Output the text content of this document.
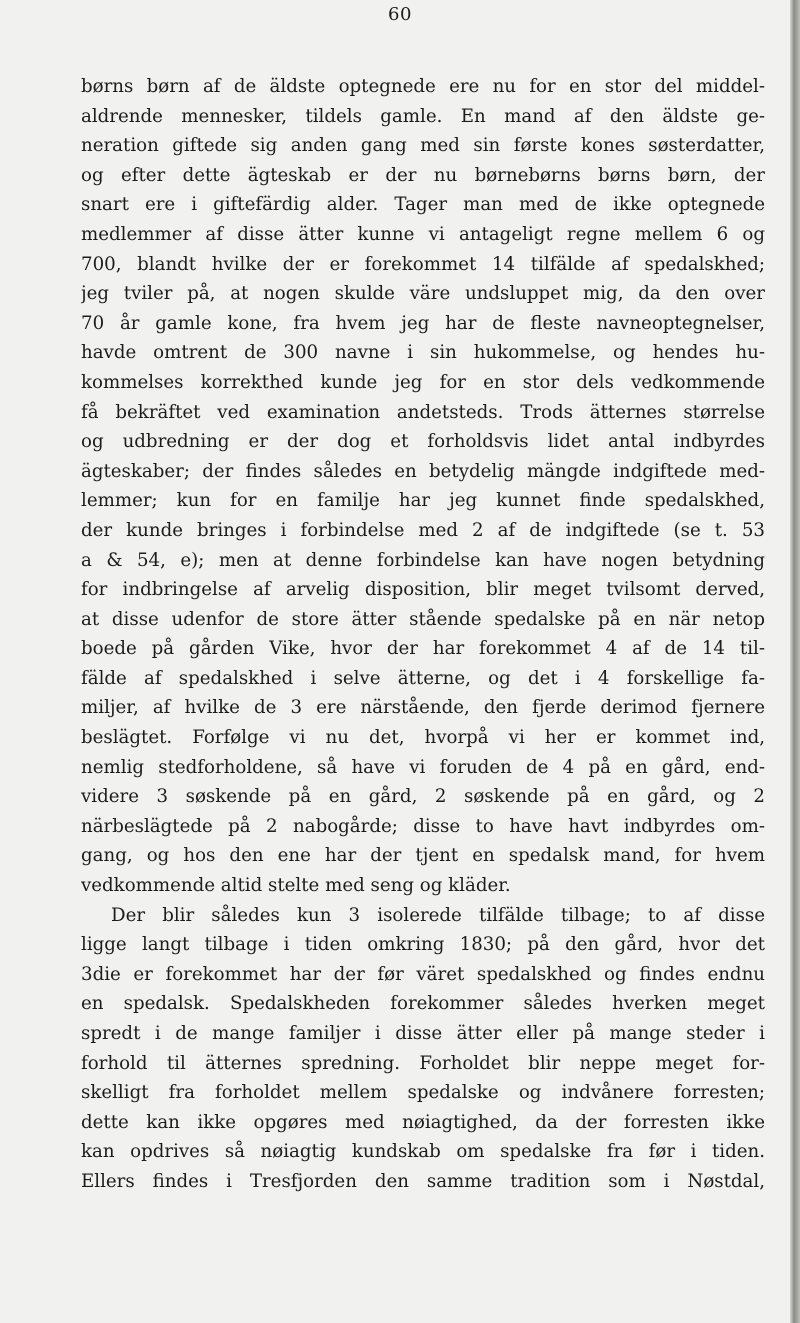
60
børns børn af de äldste optegnede ere nu for en stor del middel-
aldrende mennesker, tildels gamle. En mand af den äldste ge-
neration giftede sig anden gang med sin første kones søsterdatter,
og efter dette ägteskab er der nu børnebørns børns børn, der
snart ere i giftefärdig alder. Tager man med de ikke optegnede
medlemmer af disse ätter kunne vi antageligt regne mellem 6 og
700, blandt hvilke der er forekommet 14 tilfälde af spedalskhed;
jeg tviler på, at nogen skulde väre undsluppet mig, da den over
70 år gamle kone, fra hvem jeg har de fleste navneoptegnelser,
havde omtrent de 300 navne i sin hukommelse, og hendes hu-
kommelses korrekthed kunde jeg for en stor dels vedkommende
få bekräftet ved examination andetsteds. Trods ätternes størrelse
og udbredning er der dog et forholdsvis lidet antal indbyrdes
ägteskaber; der findes således en betydelig mängde indgiftede med-
lemmer; kun for en familje har jeg kunnet finde spedalskhed,
der kunde bringes i forbindelse med 2 af de indgiftede (se t. 53
a & 54, e); men at denne forbindelse kan have nogen betydning
for indbringelse af arvelig disposition, blir meget tvilsomt derved,
at disse udenfor de store ätter stående spedalske på en när netop
boede på gården Vike, hvor der har forekommet 4 af de 14 til-
fälde af spedalskhed i selve ätterne, og det i 4 forskellige fa-
miljer, af hvilke de 3 ere närstående, den fjerde derimod fjernere
beslägtet. Forfølge vi nu det, hvorpå vi her er kommet ind,
nemlig stedforholdene, så have vi foruden de 4 på en gård, end-
videre 3 søskende på en gård, 2 søskende på en gård, og 2
närbeslägtede på 2 nabogårde; disse to have havt indbyrdes om-
gang, og hos den ene har der tjent en spedalsk mand, for hvem
vedkommende altid stelte med seng og kläder.
Der blir således kun 3 isolerede tilfälde tilbage; to af disse
ligge langt tilbage i tiden omkring 1830; på den gård, hvor det
3die er forekommet har der før väret spedalskhed og findes endnu
en spedalsk. Spedalskheden forekommer således hverken meget
spredt i de mange familjer i disse ätter eller på mange steder i
forhold til ätternes spredning. Forholdet blir neppe meget for-
skelligt fra forholdet mellem spedalske og indvånere forresten;
dette kan ikke opgøres med nøiagtighed, da der forresten ikke
kan opdrives så nøiagtig kundskab om spedalske fra før i tiden.
Ellers findes i Tresfjorden den samme tradition som i Nøstdal,
